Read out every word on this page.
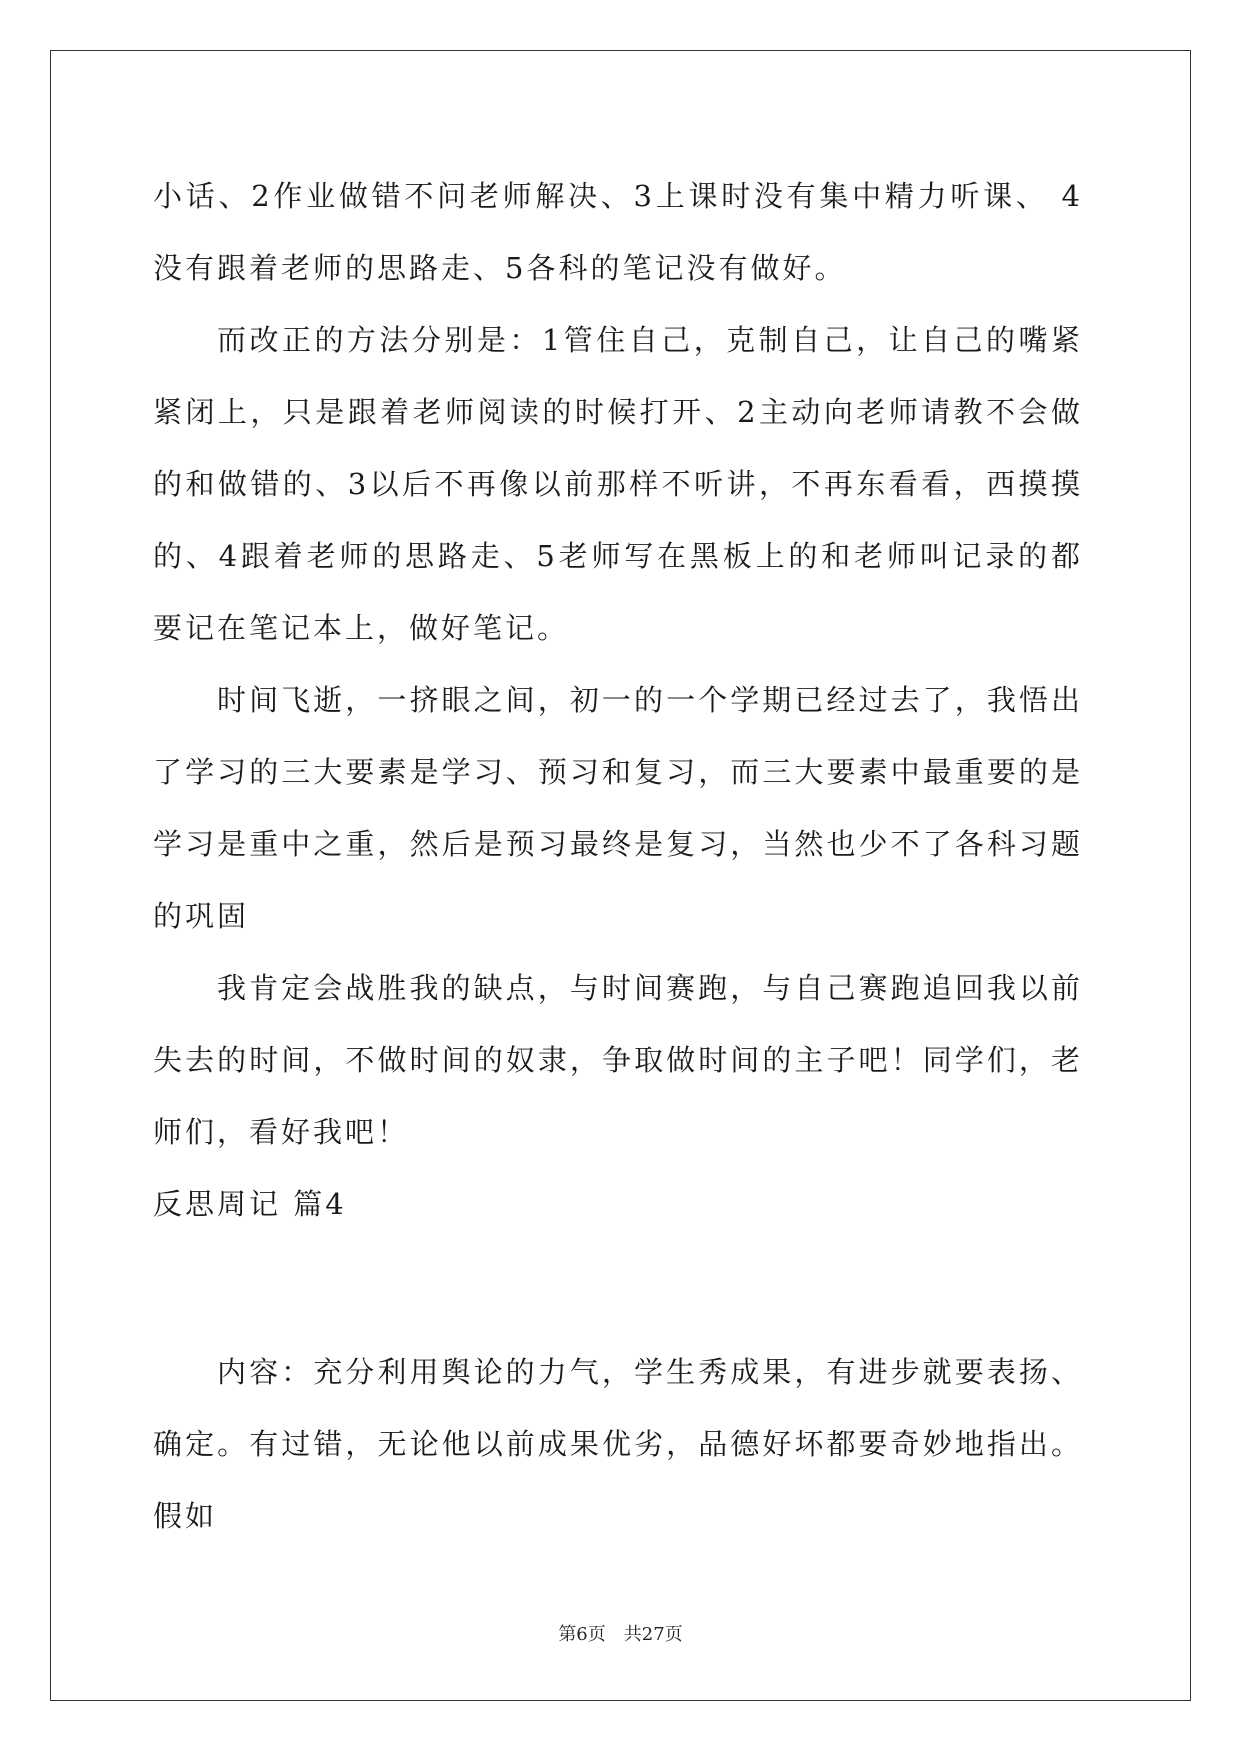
小话、2作业做错不问老师解决、3上课时没有集中精力听课、 4没有跟着老师的思路走、5各科的笔记没有做好。

而改正的方法分别是：1管住自己，克制自己，让自己的嘴紧紧闭上，只是跟着老师阅读的时候打开、2主动向老师请教不会做的和做错的、3以后不再像以前那样不听讲，不再东看看，西摸摸的、4跟着老师的思路走、5老师写在黑板上的和老师叫记录的都要记在笔记本上，做好笔记。

时间飞逝，一挤眼之间，初一的一个学期已经过去了，我悟出了学习的三大要素是学习、预习和复习，而三大要素中最重要的是学习是重中之重，然后是预习最终是复习，当然也少不了各科习题的巩固

我肯定会战胜我的缺点，与时间赛跑，与自己赛跑追回我以前失去的时间，不做时间的奴隶，争取做时间的主子吧！同学们，老师们，看好我吧！

反思周记 篇4

内容：充分利用舆论的力气，学生秀成果，有进步就要表扬、确定。有过错，无论他以前成果优劣，品德好坏都要奇妙地指出。假如

第6页　共27页
